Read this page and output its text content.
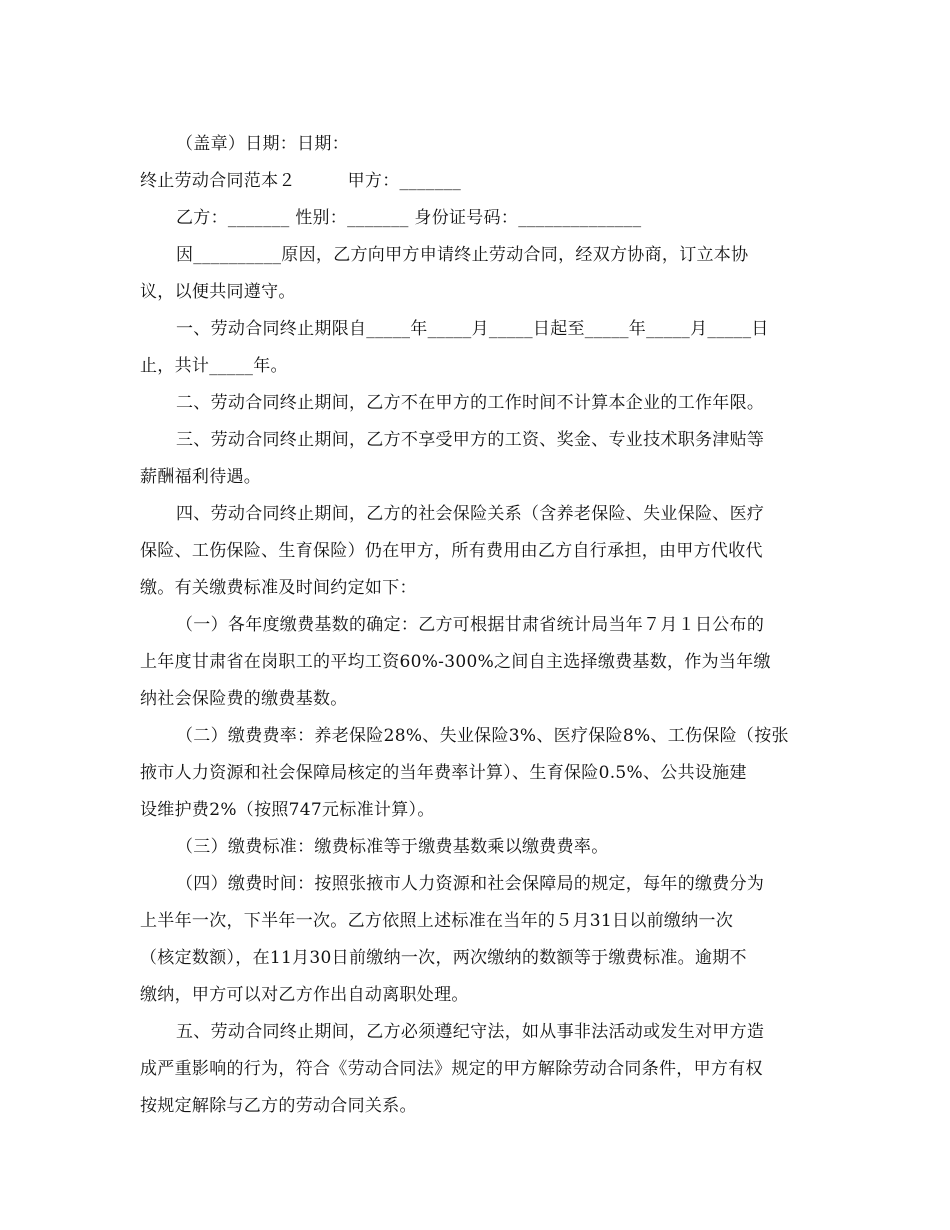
（盖章）日期：日期：
终止劳动合同范本２　　　甲方：_______
乙方：_______ 性别：_______ 身份证号码：______________
因__________原因，乙方向甲方申请终止劳动合同，经双方协商，订立本协
议，以便共同遵守。
一、劳动合同终止期限自_____年_____月_____日起至_____年_____月_____日
止，共计_____年。
二、劳动合同终止期间，乙方不在甲方的工作时间不计算本企业的工作年限。
三、劳动合同终止期间，乙方不享受甲方的工资、奖金、专业技术职务津贴等
薪酬福利待遇。
四、劳动合同终止期间，乙方的社会保险关系（含养老保险、失业保险、医疗
保险、工伤保险、生育保险）仍在甲方，所有费用由乙方自行承担，由甲方代收代
缴。有关缴费标准及时间约定如下：
（一）各年度缴费基数的确定：乙方可根据甘肃省统计局当年７月１日公布的
上年度甘肃省在岗职工的平均工资60%-300%之间自主选择缴费基数，作为当年缴
纳社会保险费的缴费基数。
（二）缴费费率：养老保险28%、失业保险3%、医疗保险8%、工伤保险（按张
掖市人力资源和社会保障局核定的当年费率计算）、生育保险0.5%、公共设施建
设维护费2%（按照747元标准计算）。
（三）缴费标准：缴费标准等于缴费基数乘以缴费费率。
（四）缴费时间：按照张掖市人力资源和社会保障局的规定，每年的缴费分为
上半年一次，下半年一次。乙方依照上述标准在当年的５月31日以前缴纳一次
（核定数额），在11月30日前缴纳一次，两次缴纳的数额等于缴费标准。逾期不
缴纳，甲方可以对乙方作出自动离职处理。
五、劳动合同终止期间，乙方必须遵纪守法，如从事非法活动或发生对甲方造
成严重影响的行为，符合《劳动合同法》规定的甲方解除劳动合同条件，甲方有权
按规定解除与乙方的劳动合同关系。
